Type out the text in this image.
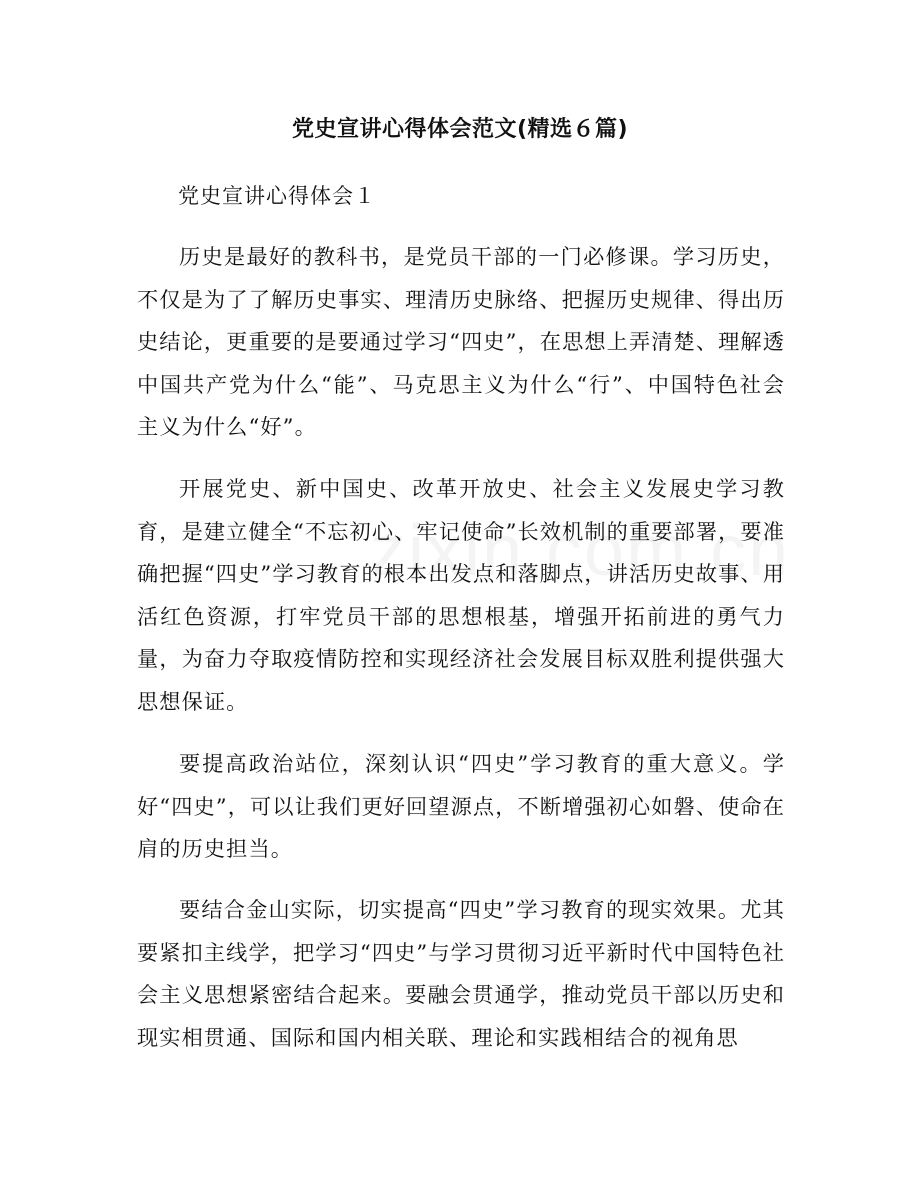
党史宣讲心得体会范文(精选６篇)

党史宣讲心得体会１

历史是最好的教科书，是党员干部的一门必修课。学习历史，不仅是为了了解历史事实、理清历史脉络、把握历史规律、得出历史结论，更重要的是要通过学习“四史”，在思想上弄清楚、理解透中国共产党为什么“能”、马克思主义为什么“行”、中国特色社会主义为什么“好”。

开展党史、新中国史、改革开放史、社会主义发展史学习教育，是建立健全“不忘初心、牢记使命”长效机制的重要部署，要准确把握“四史”学习教育的根本出发点和落脚点，讲活历史故事、用活红色资源，打牢党员干部的思想根基，增强开拓前进的勇气力量，为奋力夺取疫情防控和实现经济社会发展目标双胜利提供强大思想保证。

要提高政治站位，深刻认识“四史”学习教育的重大意义。学好“四史”，可以让我们更好回望源点，不断增强初心如磐、使命在肩的历史担当。

要结合金山实际，切实提高“四史”学习教育的现实效果。尤其要紧扣主线学，把学习“四史”与学习贯彻习近平新时代中国特色社会主义思想紧密结合起来。要融会贯通学，推动党员干部以历史和现实相贯通、国际和国内相关联、理论和实践相结合的视角思
